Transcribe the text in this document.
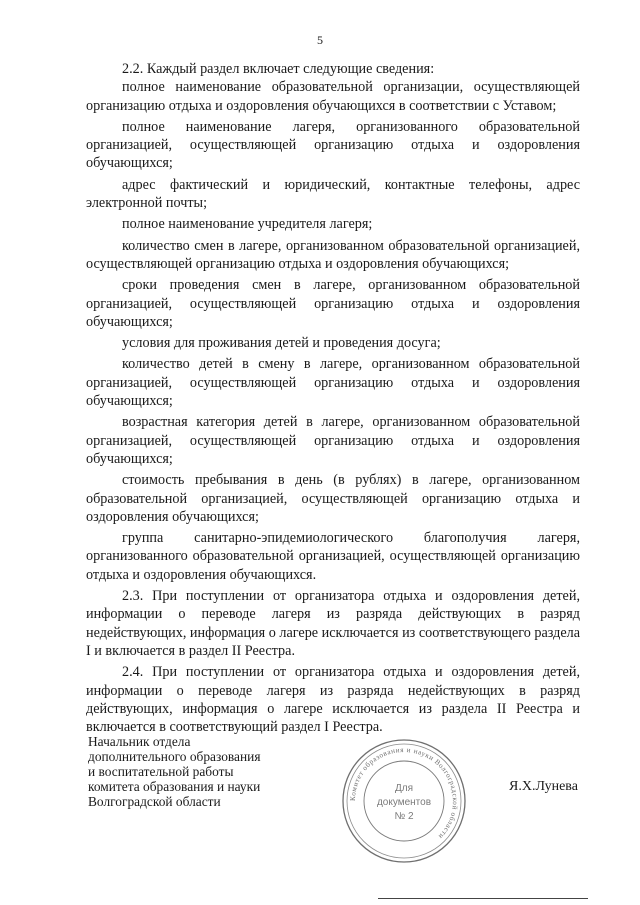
5

2.2. Каждый раздел включает следующие сведения:

полное наименование образовательной организации, осуществляющей организацию отдыха и оздоровления обучающихся в соответствии с Уставом;

полное наименование лагеря, организованного образовательной организацией, осуществляющей организацию отдыха и оздоровления обучающихся;

адрес фактический и юридический, контактные телефоны, адрес электронной почты;

полное наименование учредителя лагеря;

количество смен в лагере, организованном образовательной организацией, осуществляющей организацию отдыха и оздоровления обучающихся;

сроки проведения смен в лагере, организованном образовательной организацией, осуществляющей организацию отдыха и оздоровления обучающихся;

условия для проживания детей и проведения досуга;

количество детей в смену в лагере, организованном образовательной организацией, осуществляющей организацию отдыха и оздоровления обучающихся;

возрастная категория детей в лагере, организованном образовательной организацией, осуществляющей организацию отдыха и оздоровления обучающихся;

стоимость пребывания в день (в рублях) в лагере, организованном образовательной организацией, осуществляющей организацию отдыха и оздоровления обучающихся;

группа санитарно-эпидемиологического благополучия лагеря, организованного образовательной организацией, осуществляющей организацию отдыха и оздоровления обучающихся.

2.3. При поступлении от организатора отдыха и оздоровления детей, информации о переводе лагеря из разряда действующих в разряд недействующих, информация о лагере исключается из соответствующего раздела I и включается в раздел II Реестра.

2.4. При поступлении от организатора отдыха и оздоровления детей, информации о переводе лагеря из разряда недействующих в разряд действующих, информация о лагере исключается из раздела II Реестра и включается в соответствующий раздел I Реестра.

Начальник отдела
дополнительного образования
и воспитательной работы
комитета образования и науки
Волгоградской области
Я.Х.Лунева
Комитет образования и науки Волгоградской области
Для
документов
№ 2
